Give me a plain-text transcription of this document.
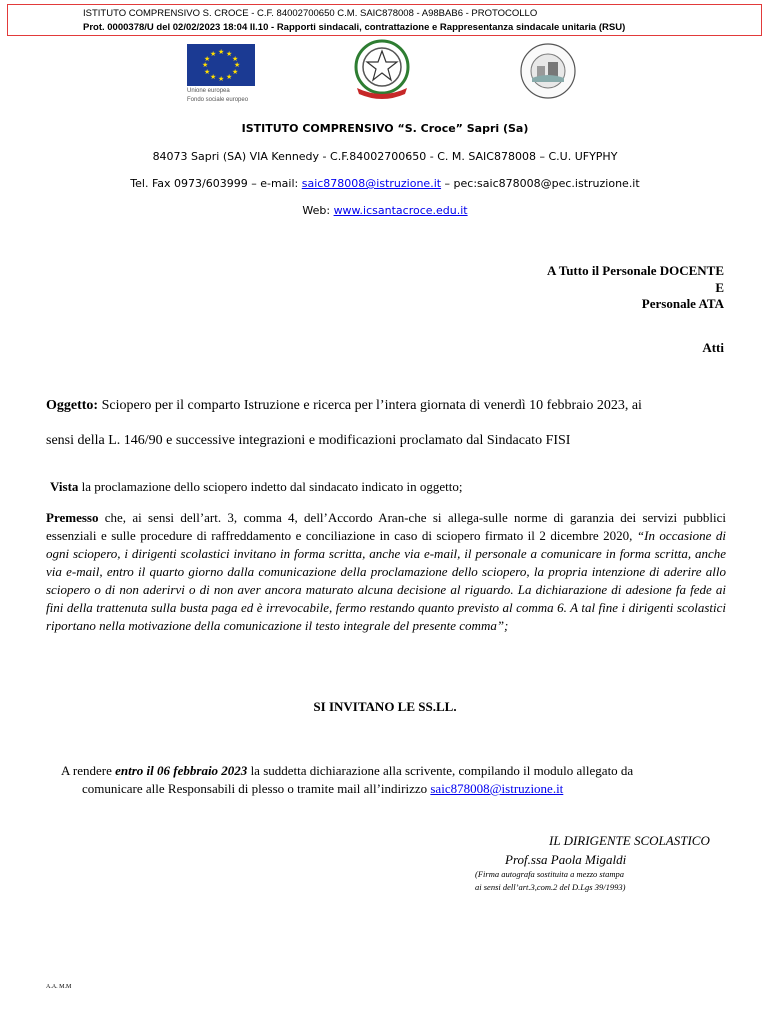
ISTITUTO COMPRENSIVO S. CROCE - C.F. 84002700650 C.M. SAIC878008 - A98BAB6 - PROTOCOLLO
Prot. 0000378/U del 02/02/2023 18:04 II.10 - Rapporti sindacali, contrattazione e Rappresentanza sindacale unitaria (RSU)
★ ★
★
★
★
★
★
★
★
★
★
★
Unione europea
Fondo sociale europeo
ISTITUTO COMPRENSIVO “S. Croce” Sapri (Sa)
84073 Sapri (SA) VIA Kennedy - C.F.84002700650 - C. M. SAIC878008 – C.U. UFYPHY
Tel. Fax 0973/603999 – e-mail: saic878008@istruzione.it – pec:saic878008@pec.istruzione.it
Web: www.icsantacroce.edu.it
A Tutto il Personale DOCENTE
E
Personale ATA
Atti
Oggetto: Sciopero per il comparto Istruzione e ricerca per l’intera giornata di venerdì 10 febbraio 2023, ai
sensi della L. 146/90 e successive integrazioni e modificazioni proclamato dal Sindacato FISI
Vista la proclamazione dello sciopero indetto dal sindacato indicato in oggetto;
Premesso che, ai sensi dell’art. 3, comma 4, dell’Accordo Aran-che si allega-sulle norme di garanzia dei servizi pubblici essenziali e sulle procedure di raffreddamento e conciliazione in caso di sciopero firmato il 2 dicembre 2020, “In occasione di ogni sciopero, i dirigenti scolastici invitano in forma scritta, anche via e-mail, il personale a comunicare in forma scritta, anche via e-mail, entro il quarto giorno dalla comunicazione della proclamazione dello sciopero, la propria intenzione di aderire allo sciopero o di non aderirvi o di non aver ancora maturato alcuna decisione al riguardo. La dichiarazione di adesione fa fede ai fini della trattenuta sulla busta paga ed è irrevocabile, fermo restando quanto previsto al comma 6. A tal fine i dirigenti scolastici riportano nella motivazione della comunicazione il testo integrale del presente comma”;
SI INVITANO LE SS.LL.
A rendere entro il 06 febbraio 2023 la suddetta dichiarazione alla scrivente, compilando il modulo allegato da
comunicare alle Responsabili di plesso o tramite mail all’indirizzo saic878008@istruzione.it
IL DIRIGENTE SCOLASTICO
Prof.ssa Paola Migaldi
(Firma autografa sostituita a mezzo stampa
ai sensi dell’art.3,com.2 del D.Lgs 39/1993)
A.A. M.M
